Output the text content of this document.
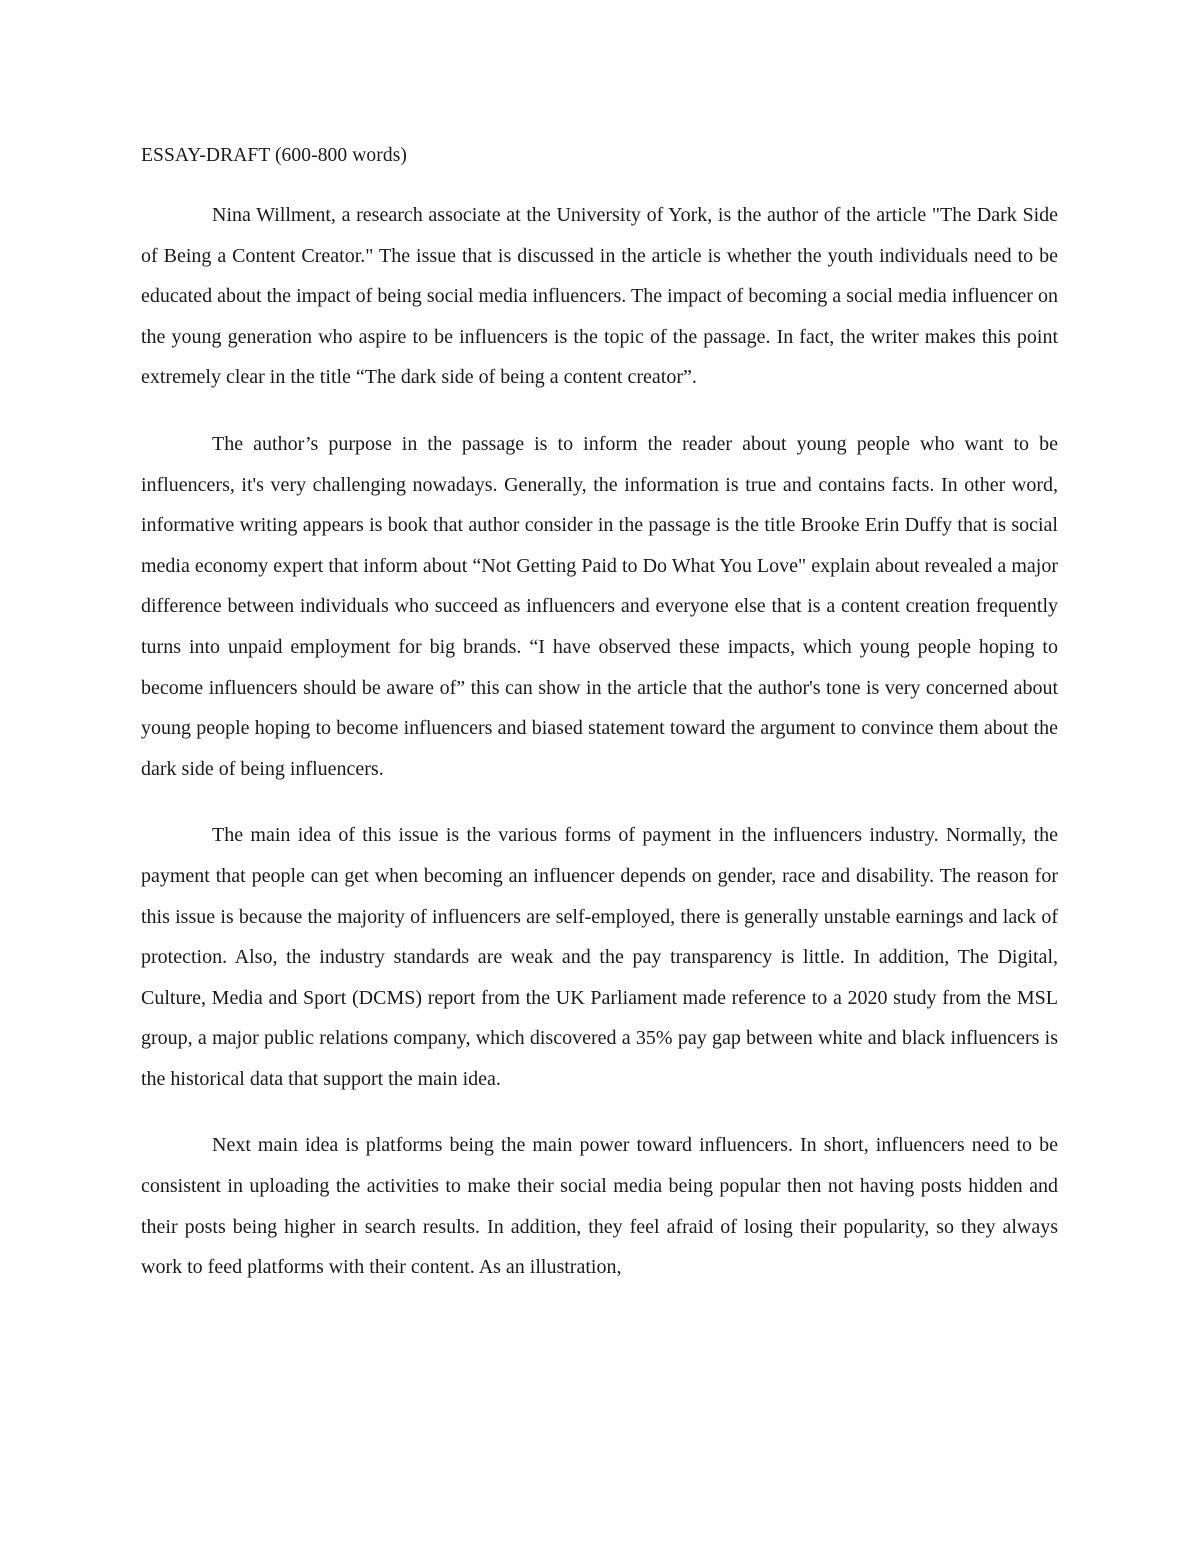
ESSAY-DRAFT (600-800 words)

Nina Willment, a research associate at the University of York, is the author of the article "The Dark Side of Being a Content Creator." The issue that is discussed in the article is whether the youth individuals need to be educated about the impact of being social media influencers. The impact of becoming a social media influencer on the young generation who aspire to be influencers is the topic of the passage. In fact, the writer makes this point extremely clear in the title “The dark side of being a content creator”.

The author’s purpose in the passage is to inform the reader about young people who want to be influencers, it's very challenging nowadays. Generally, the information is true and contains facts. In other word, informative writing appears is book that author consider in the passage is the title Brooke Erin Duffy that is social media economy expert that inform about “Not Getting Paid to Do What You Love" explain about revealed a major difference between individuals who succeed as influencers and everyone else that is a content creation frequently turns into unpaid employment for big brands. “I have observed these impacts, which young people hoping to become influencers should be aware of” this can show in the article that the author's tone is very concerned about young people hoping to become influencers and biased statement toward the argument to convince them about the dark side of being influencers.

The main idea of this issue is the various forms of payment in the influencers industry. Normally, the payment that people can get when becoming an influencer depends on gender, race and disability. The reason for this issue is because the majority of influencers are self-employed, there is generally unstable earnings and lack of protection. Also, the industry standards are weak and the pay transparency is little. In addition, The Digital, Culture, Media and Sport (DCMS) report from the UK Parliament made reference to a 2020 study from the MSL group, a major public relations company, which discovered a 35% pay gap between white and black influencers is the historical data that support the main idea.

Next main idea is platforms being the main power toward influencers. In short, influencers need to be consistent in uploading the activities to make their social media being popular then not having posts hidden and their posts being higher in search results. In addition, they feel afraid of losing their popularity, so they always work to feed platforms with their content. As an illustration,
